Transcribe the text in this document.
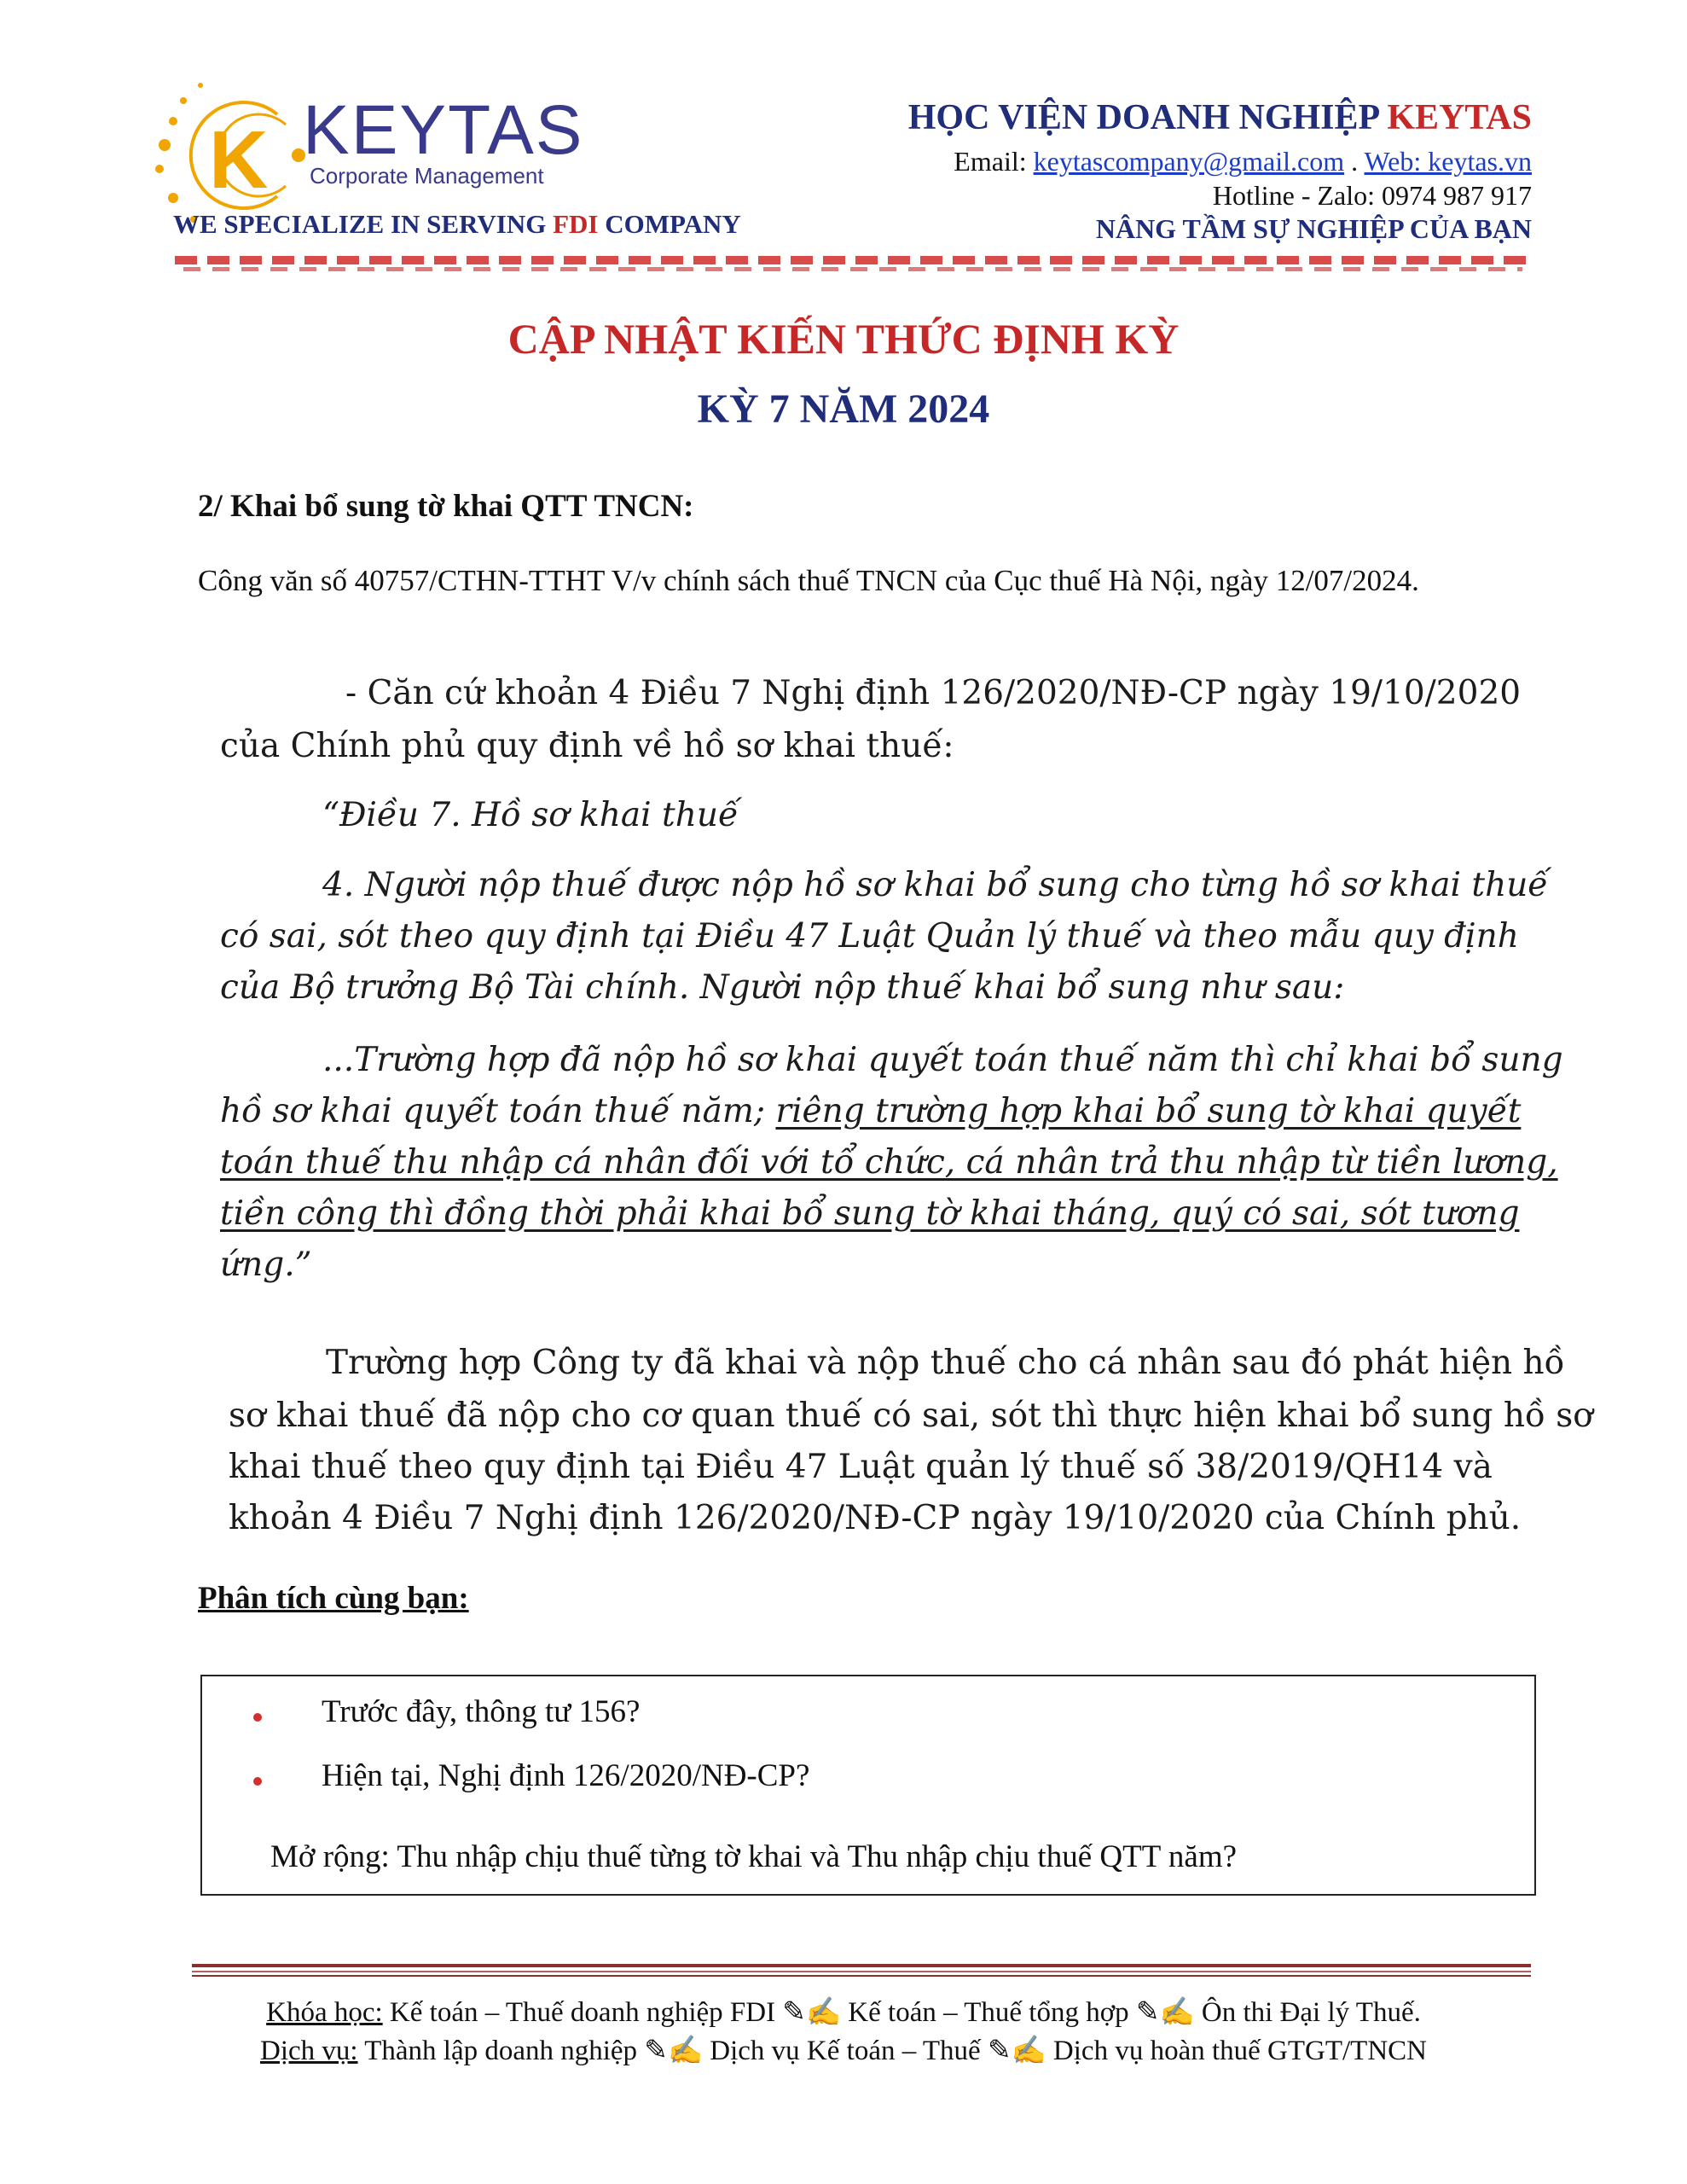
K KEYTAS
Corporate Management
WE SPECIALIZE IN SERVING FDI COMPANY
HỌC VIỆN DOANH NGHIỆP KEYTAS
Email: keytascompany@gmail.com . Web: keytas.vn
Hotline - Zalo: 0974 987 917
NÂNG TẦM SỰ NGHIỆP CỦA BẠN
CẬP NHẬT KIẾN THỨC ĐỊNH KỲ
KỲ 7 NĂM 2024
2/ Khai bổ sung tờ khai QTT TNCN:
Công văn số 40757/CTHN-TTHT V/v chính sách thuế TNCN của Cục thuế Hà Nội, ngày 12/07/2024.
- Căn cứ khoản 4 Điều 7 Nghị định 126/2020/NĐ-CP ngày 19/10/2020
của Chính phủ quy định về hồ sơ khai thuế:
“Điều 7. Hồ sơ khai thuế
4. Người nộp thuế được nộp hồ sơ khai bổ sung cho từng hồ sơ khai thuế
có sai, sót theo quy định tại Điều 47 Luật Quản lý thuế và theo mẫu quy định
của Bộ trưởng Bộ Tài chính. Người nộp thuế khai bổ sung như sau:
...Trường hợp đã nộp hồ sơ khai quyết toán thuế năm thì chỉ khai bổ sung
hồ sơ khai quyết toán thuế năm; riêng trường hợp khai bổ sung tờ khai quyết
toán thuế thu nhập cá nhân đối với tổ chức, cá nhân trả thu nhập từ tiền lương,
tiền công thì đồng thời phải khai bổ sung tờ khai tháng, quý có sai, sót tương
ứng.”
Trường hợp Công ty đã khai và nộp thuế cho cá nhân sau đó phát hiện hồ
sơ khai thuế đã nộp cho cơ quan thuế có sai, sót thì thực hiện khai bổ sung hồ sơ
khai thuế theo quy định tại Điều 47 Luật quản lý thuế số 38/2019/QH14 và
khoản 4 Điều 7 Nghị định 126/2020/NĐ-CP ngày 19/10/2020 của Chính phủ.
Phân tích cùng bạn:
Trước đây, thông tư 156?
Hiện tại, Nghị định 126/2020/NĐ-CP?
Mở rộng: Thu nhập chịu thuế từng tờ khai và Thu nhập chịu thuế QTT năm?
Khóa học: Kế toán – Thuế doanh nghiệp FDI ✎✍ Kế toán – Thuế tổng hợp ✎✍ Ôn thi Đại lý Thuế.
Dịch vụ: Thành lập doanh nghiệp ✎✍ Dịch vụ Kế toán – Thuế ✎✍ Dịch vụ hoàn thuế GTGT/TNCN
